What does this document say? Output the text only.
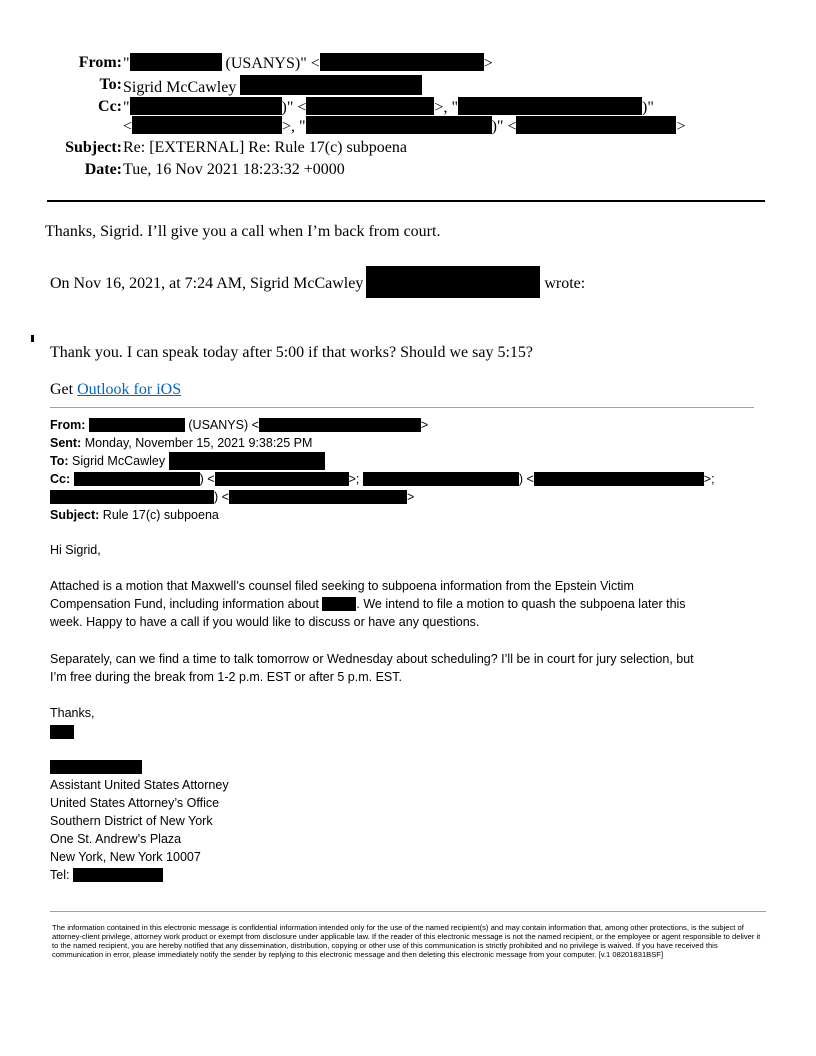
From: "	(USANYS)" <	>
To: Sigrid McCawley
Cc: "	)" <	>, "	)"
<	>, "	)" <	>
Subject: Re: [EXTERNAL] Re: Rule 17(c) subpoena
Date: Tue, 16 Nov 2021 18:23:32 +0000
Thanks, Sigrid. I’ll give you a call when I’m back from court.
On Nov 16, 2021, at 7:24 AM, Sigrid McCawley	wrote:
Thank you. I can speak today after 5:00 if that works? Should we say 5:15?
Get Outlook for iOS
From:	(USANYS) <	>
Sent: Monday, November 15, 2021 9:38:25 PM
To: Sigrid McCawley
Cc:	) <	>;	) <	>;
) <	>
Subject: Rule 17(c) subpoena
Hi Sigrid,
Attached is a motion that Maxwell’s counsel filed seeking to subpoena information from the Epstein Victim
Compensation Fund, including information about	. We intend to file a motion to quash the subpoena later this
week. Happy to have a call if you would like to discuss or have any questions.
Separately, can we find a time to talk tomorrow or Wednesday about scheduling? I’ll be in court for jury selection, but
I’m free during the break from 1-2 p.m. EST or after 5 p.m. EST.
Thanks,
Assistant United States Attorney
United States Attorney’s Office
Southern District of New York
One St. Andrew’s Plaza
New York, New York 10007
Tel:
The information contained in this electronic message is confidential information intended only for the use of the named recipient(s) and may contain information that, among other protections, is the subject of attorney-client privilege, attorney work product or exempt from disclosure under applicable law. If the reader of this electronic message is not the named recipient, or the employee or agent responsible to deliver it to the named recipient, you are hereby notified that any dissemination, distribution, copying or other use of this communication is strictly prohibited and no privilege is waived. If you have received this communication in error, please immediately notify the sender by replying to this electronic message and then deleting this electronic message from your computer. [v.1 08201831BSF]
